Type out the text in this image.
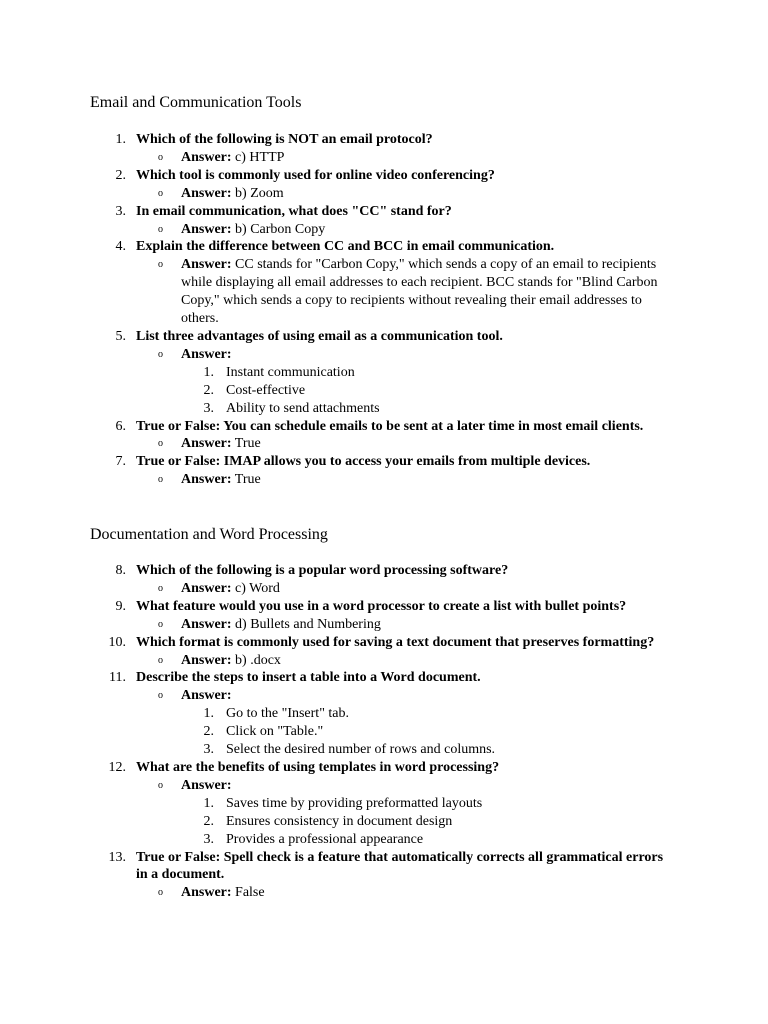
Email and Communication Tools
1. Which of the following is NOT an email protocol?
o Answer: c) HTTP
2. Which tool is commonly used for online video conferencing?
o Answer: b) Zoom
3. In email communication, what does "CC" stand for?
o Answer: b) Carbon Copy
4. Explain the difference between CC and BCC in email communication.
o Answer: CC stands for "Carbon Copy," which sends a copy of an email to recipients while displaying all email addresses to each recipient. BCC stands for "Blind Carbon Copy," which sends a copy to recipients without revealing their email addresses to others.
5. List three advantages of using email as a communication tool.
o Answer:
1. Instant communication
2. Cost-effective
3. Ability to send attachments
6. True or False: You can schedule emails to be sent at a later time in most email clients.
o Answer: True
7. True or False: IMAP allows you to access your emails from multiple devices.
o Answer: True
Documentation and Word Processing
8. Which of the following is a popular word processing software?
o Answer: c) Word
9. What feature would you use in a word processor to create a list with bullet points?
o Answer: d) Bullets and Numbering
10. Which format is commonly used for saving a text document that preserves formatting?
o Answer: b) .docx
11. Describe the steps to insert a table into a Word document.
o Answer:
1. Go to the "Insert" tab.
2. Click on "Table."
3. Select the desired number of rows and columns.
12. What are the benefits of using templates in word processing?
o Answer:
1. Saves time by providing preformatted layouts
2. Ensures consistency in document design
3. Provides a professional appearance
13. True or False: Spell check is a feature that automatically corrects all grammatical errors in a document.
o Answer: False
